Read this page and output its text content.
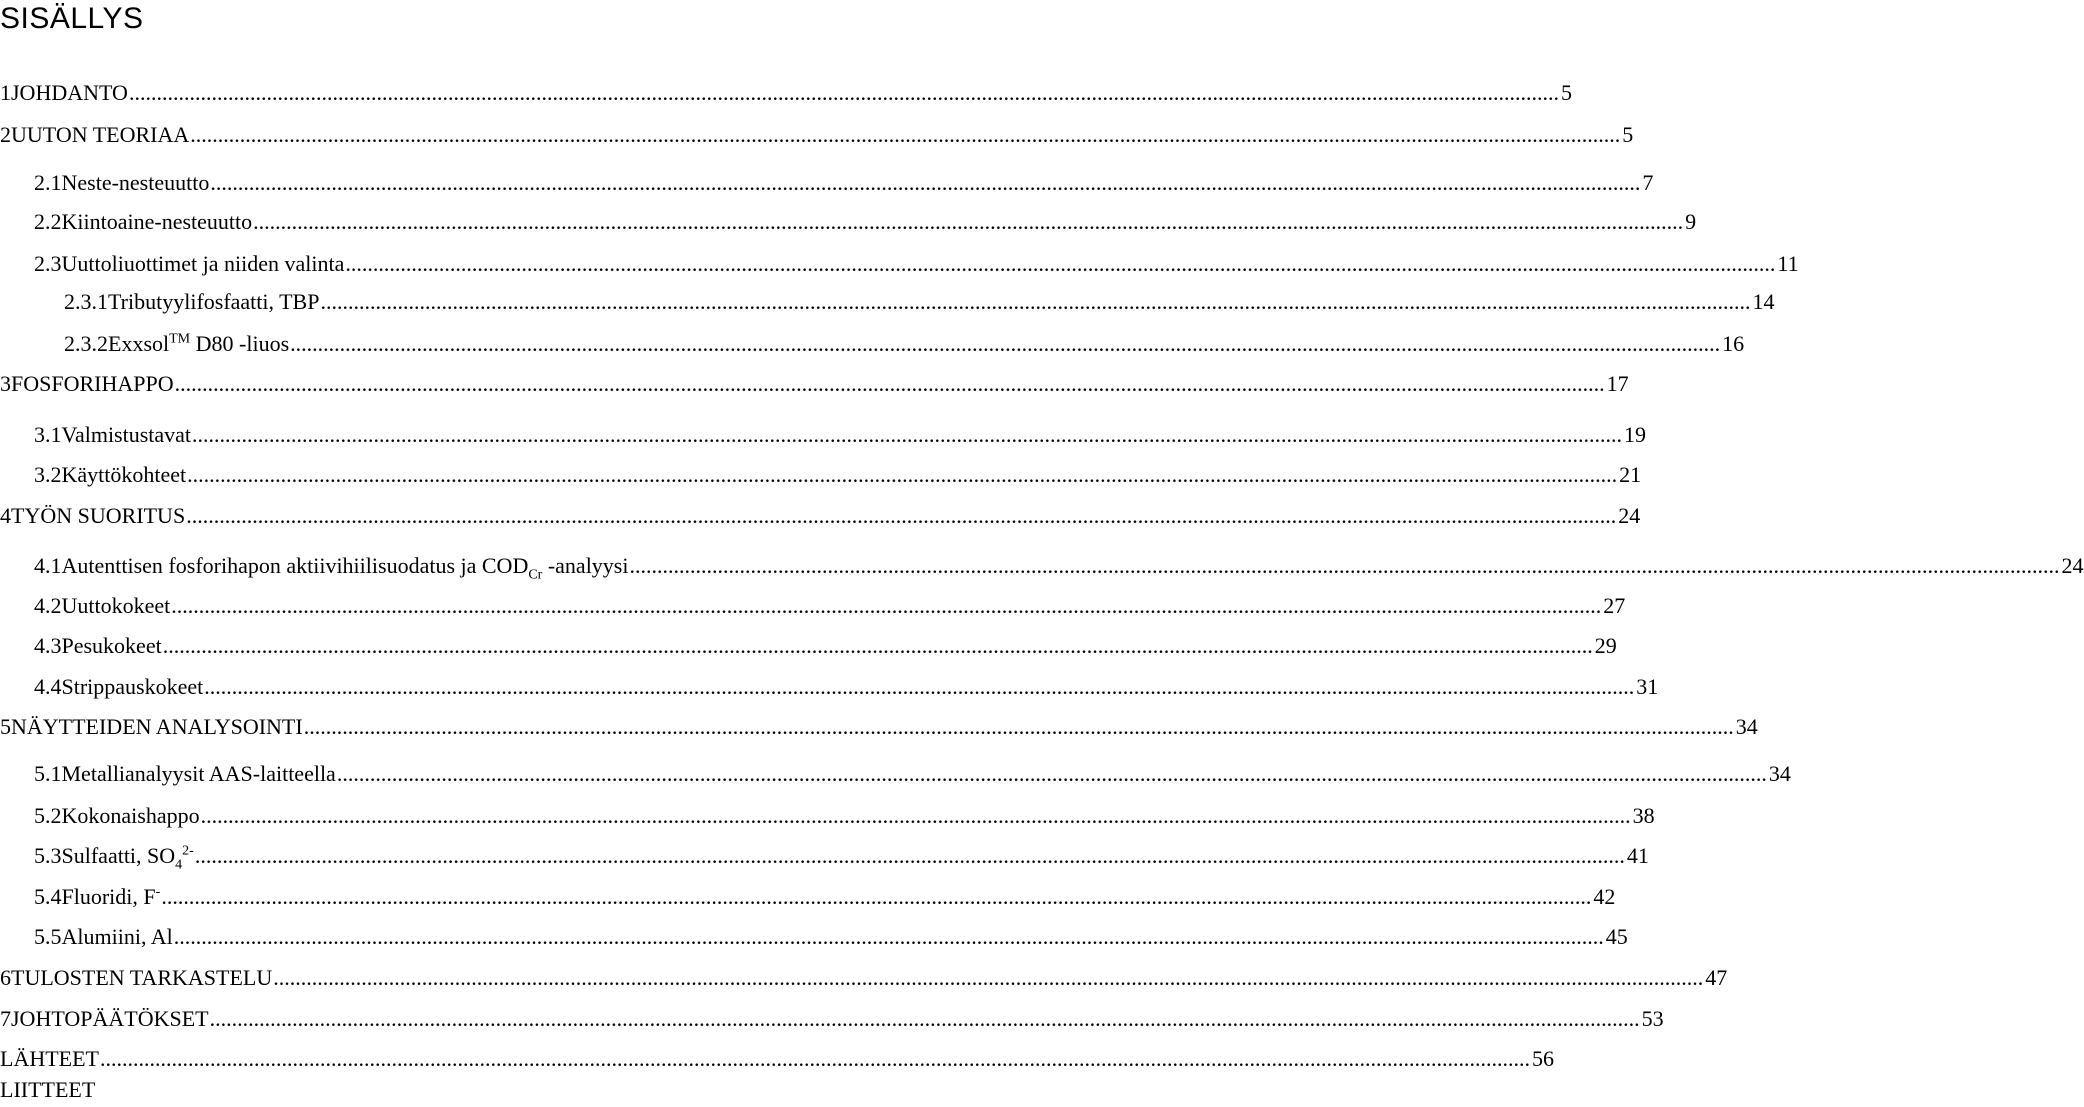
SISÄLLYS
1 JOHDANTO .....	5
2 UUTON TEORIAA .....	5
2.1 Neste-nesteuutto .....	7
2.2 Kiintoaine-nesteuutto .....	9
2.3 Uuttoliuottimet ja niiden valinta .....	11
2.3.1 Tributyylifosfaatti, TBP .....	14
2.3.2 Exxsol™ D80 -liuos .....	16
3 FOSFORIHAPPO .....	17
3.1 Valmistustavat .....	19
3.2 Käyttökohteet .....	21
4 TYÖN SUORITUS .....	24
4.1 Autenttisen fosforihapon aktiivihiilisuodatus ja $COD_{Cr}$ -analyysi .....	24
4.2 Uuttokokeet .....	27
4.3 Pesukokeet .....	29
4.4 Strippauskokeet .....	31
5 NÄYTTEIDEN ANALYSOINTI .....	34
5.1 Metallianalyysit AAS-laitteella .....	34
5.2 Kokonaishappo .....	38
5.3 Sulfaatti, $SO_4^{2-}$ .....	41
5.4 Fluoridi, F- .....	42
5.5 Alumiini, Al .....	45
6 TULOSTEN TARKASTELU .....	47
7 JOHTOPÄÄTÖKSET .....	53
LÄHTEET .....	56
LIITTEET
